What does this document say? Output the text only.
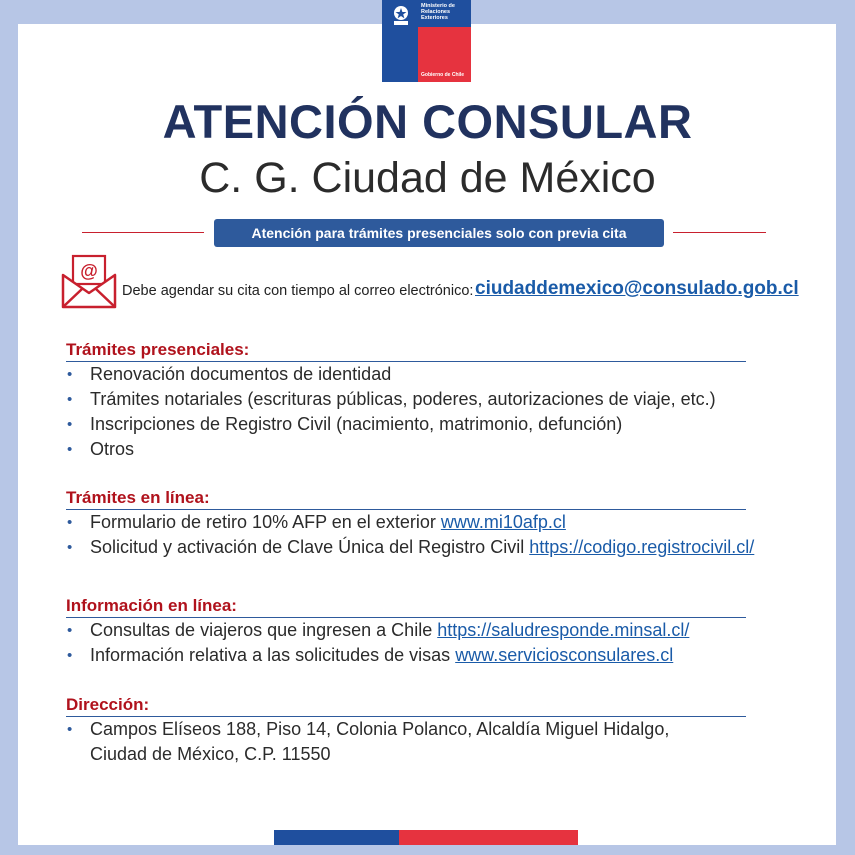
Ministerio de Relaciones Exteriores
Gobierno de Chile
ATENCIÓN CONSULAR
C. G. Ciudad de México
Atención para trámites presenciales solo con previa cita
@
Debe agendar su cita con tiempo al correo electrónico: ciudaddemexico@consulado.gob.cl
Trámites presenciales:
• Renovación documentos de identidad
• Trámites notariales (escrituras públicas, poderes, autorizaciones de viaje, etc.)
• Inscripciones de Registro Civil (nacimiento, matrimonio, defunción)
• Otros
Trámites en línea:
• Formulario de retiro 10% AFP en el exterior www.mi10afp.cl
• Solicitud y activación de Clave Única del Registro Civil https://codigo.registrocivil.cl/
Información en línea:
• Consultas de viajeros que ingresen a Chile https://saludresponde.minsal.cl/
• Información relativa a las solicitudes de visas www.serviciosconsulares.cl
Dirección:
• Campos Elíseos 188, Piso 14, Colonia Polanco, Alcaldía Miguel Hidalgo,
Ciudad de México, C.P. 11550
